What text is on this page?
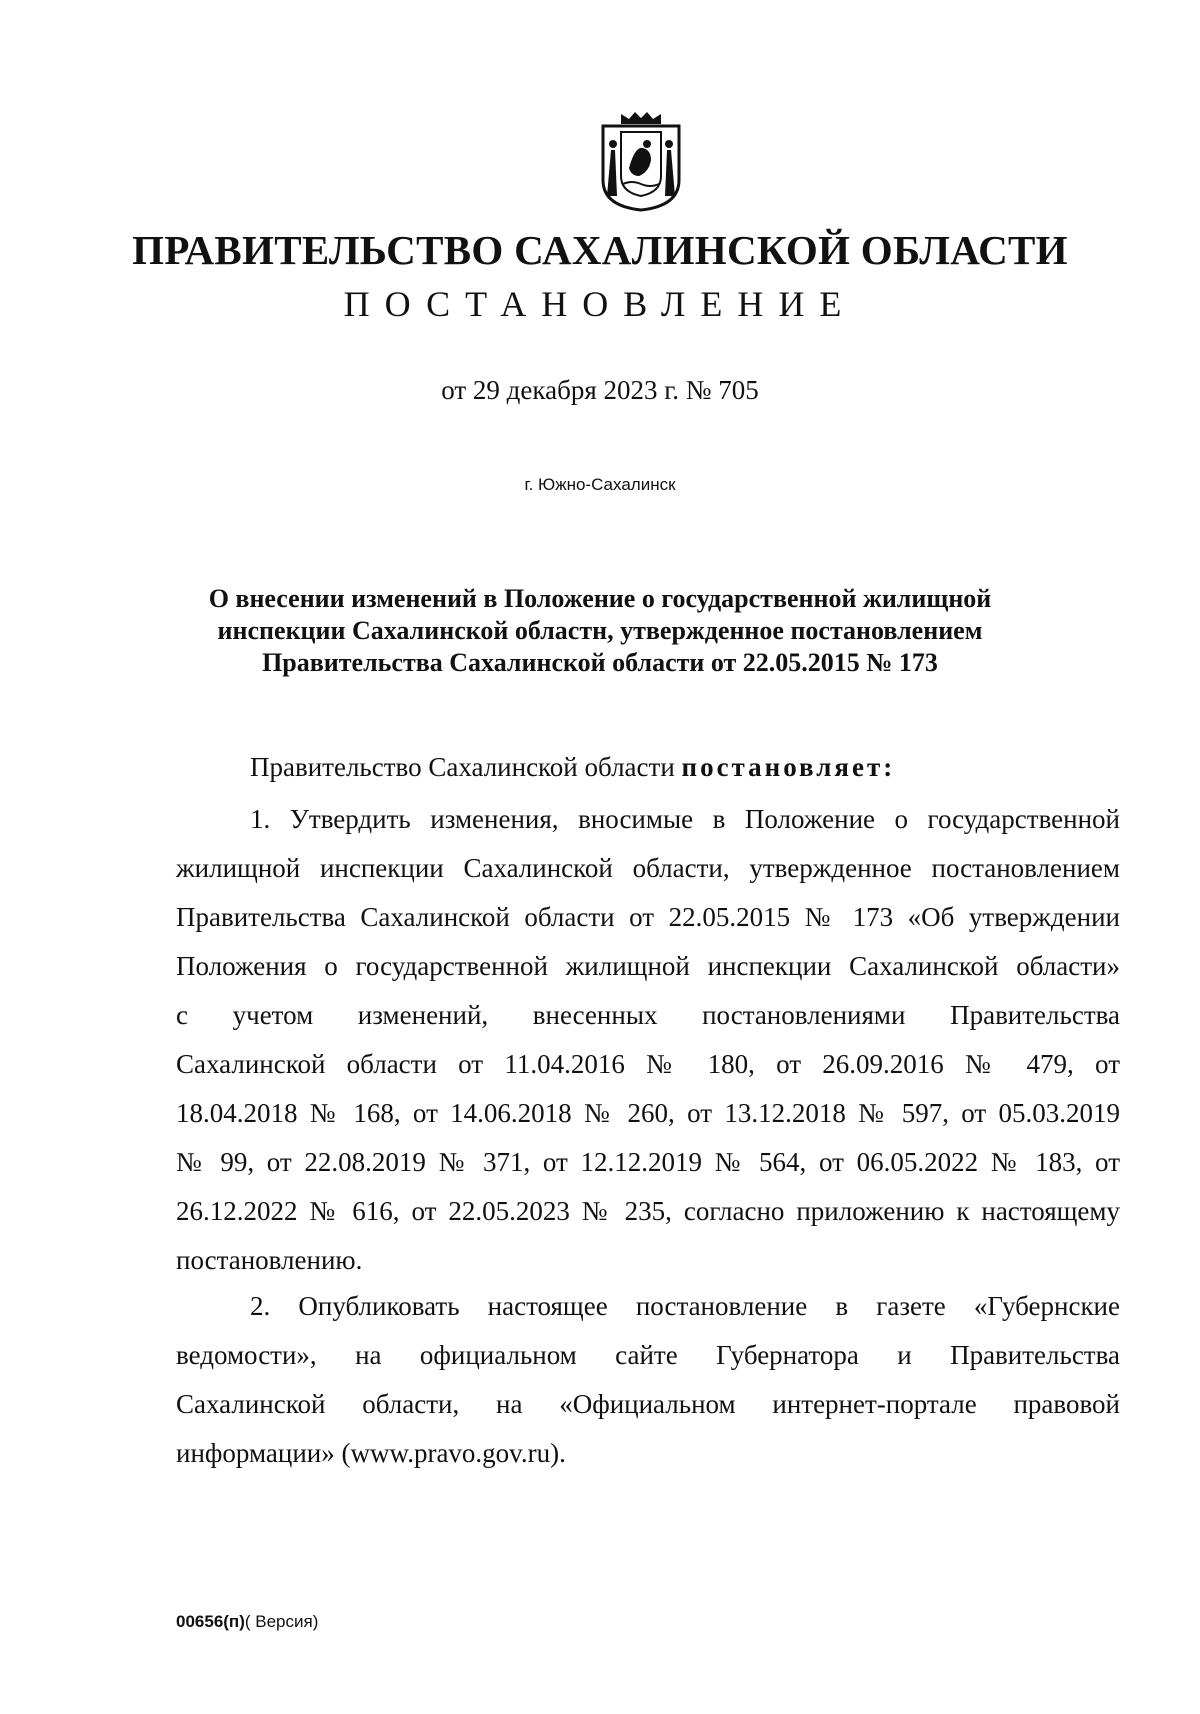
ПРАВИТЕЛЬСТВО САХАЛИНСКОЙ ОБЛАСТИ
ПОСТАНОВЛЕНИЕ
от 29 декабря 2023 г. № 705
г. Южно-Сахалинск
О внесении изменений в Положение о государственной жилищной
инспекции Сахалинской областн, утвержденное постановлением
Правительства Сахалинской области от 22.05.2015 № 173
Правительство Сахалинской области постановляет:
1. Утвердить изменения, вносимые в Положение о государственной
жилищной инспекции Сахалинской области, утвержденное постановлением
Правительства Сахалинской области от 22.05.2015 № 173 «Об утверждении
Положения о государственной жилищной инспекции Сахалинской области»
с учетом изменений, внесенных постановлениями Правительства
Сахалинской области от 11.04.2016 № 180, от 26.09.2016 № 479, от
18.04.2018 № 168, от 14.06.2018 № 260, от 13.12.2018 № 597, от 05.03.2019
№ 99, от 22.08.2019 № 371, от 12.12.2019 № 564, от 06.05.2022 № 183, от
26.12.2022 № 616, от 22.05.2023 № 235, согласно приложению к настоящему
постановлению.
2. Опубликовать настоящее постановление в газете «Губернские
ведомости», на официальном сайте Губернатора и Правительства
Сахалинской области, на «Официальном интернет-портале правовой
информации» (www.pravo.gov.ru).
00656(п)( Версия)
